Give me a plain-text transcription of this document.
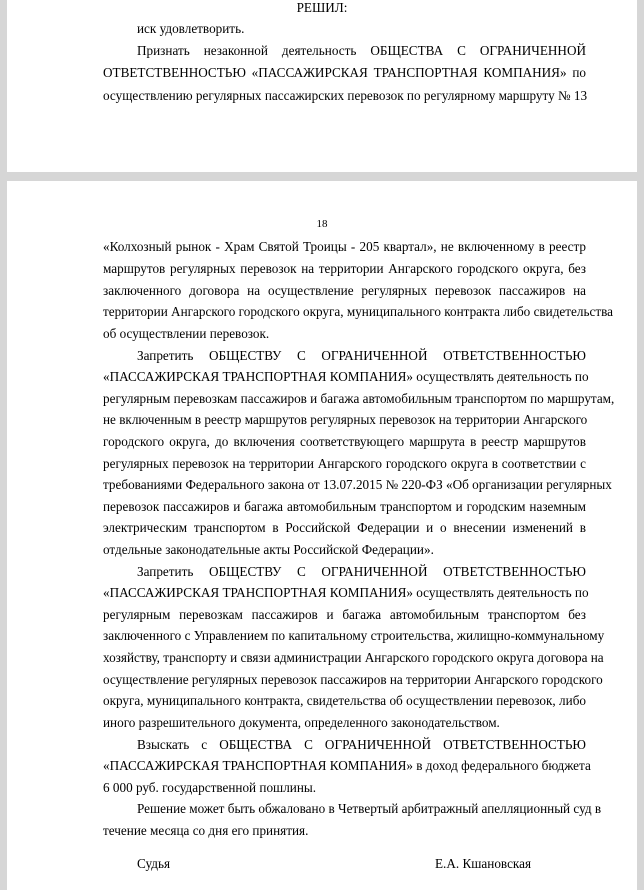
РЕШИЛ:
иск удовлетворить.
Признать незаконной деятельность ОБЩЕСТВА С ОГРАНИЧЕННОЙ
ОТВЕТСТВЕННОСТЬЮ «ПАССАЖИРСКАЯ ТРАНСПОРТНАЯ КОМПАНИЯ» по
осуществлению регулярных пассажирских перевозок по регулярному маршруту № 13
18
«Колхозный рынок - Храм Святой Троицы - 205 квартал», не включенному в реестр
маршрутов регулярных перевозок на территории Ангарского городского округа, без
заключенного договора на осуществление регулярных перевозок пассажиров на
территории Ангарского городского округа, муниципального контракта либо свидетельства
об осуществлении перевозок.
Запретить ОБЩЕСТВУ С ОГРАНИЧЕННОЙ ОТВЕТСТВЕННОСТЬЮ
«ПАССАЖИРСКАЯ ТРАНСПОРТНАЯ КОМПАНИЯ» осуществлять деятельность по
регулярным перевозкам пассажиров и багажа автомобильным транспортом по маршрутам,
не включенным в реестр маршрутов регулярных перевозок на территории Ангарского
городского округа, до включения соответствующего маршрута в реестр маршрутов
регулярных перевозок на территории Ангарского городского округа в соответствии с
требованиями Федерального закона от 13.07.2015 № 220-ФЗ «Об организации регулярных
перевозок пассажиров и багажа автомобильным транспортом и городским наземным
электрическим транспортом в Российской Федерации и о внесении изменений в
отдельные законодательные акты Российской Федерации».
Запретить ОБЩЕСТВУ С ОГРАНИЧЕННОЙ ОТВЕТСТВЕННОСТЬЮ
«ПАССАЖИРСКАЯ ТРАНСПОРТНАЯ КОМПАНИЯ» осуществлять деятельность по
регулярным перевозкам пассажиров и багажа автомобильным транспортом без
заключенного с Управлением по капитальному строительства, жилищно-коммунальному
хозяйству, транспорту и связи администрации Ангарского городского округа договора на
осуществление регулярных перевозок пассажиров на территории Ангарского городского
округа, муниципального контракта, свидетельства об осуществлении перевозок, либо
иного разрешительного документа, определенного законодательством.
Взыскать с ОБЩЕСТВА С ОГРАНИЧЕННОЙ ОТВЕТСТВЕННОСТЬЮ
«ПАССАЖИРСКАЯ ТРАНСПОРТНАЯ КОМПАНИЯ» в доход федерального бюджета
6 000 руб. государственной пошлины.
Решение может быть обжаловано в Четвертый арбитражный апелляционный суд в
течение месяца со дня его принятия.
Судья	Е.А. Кшановская
